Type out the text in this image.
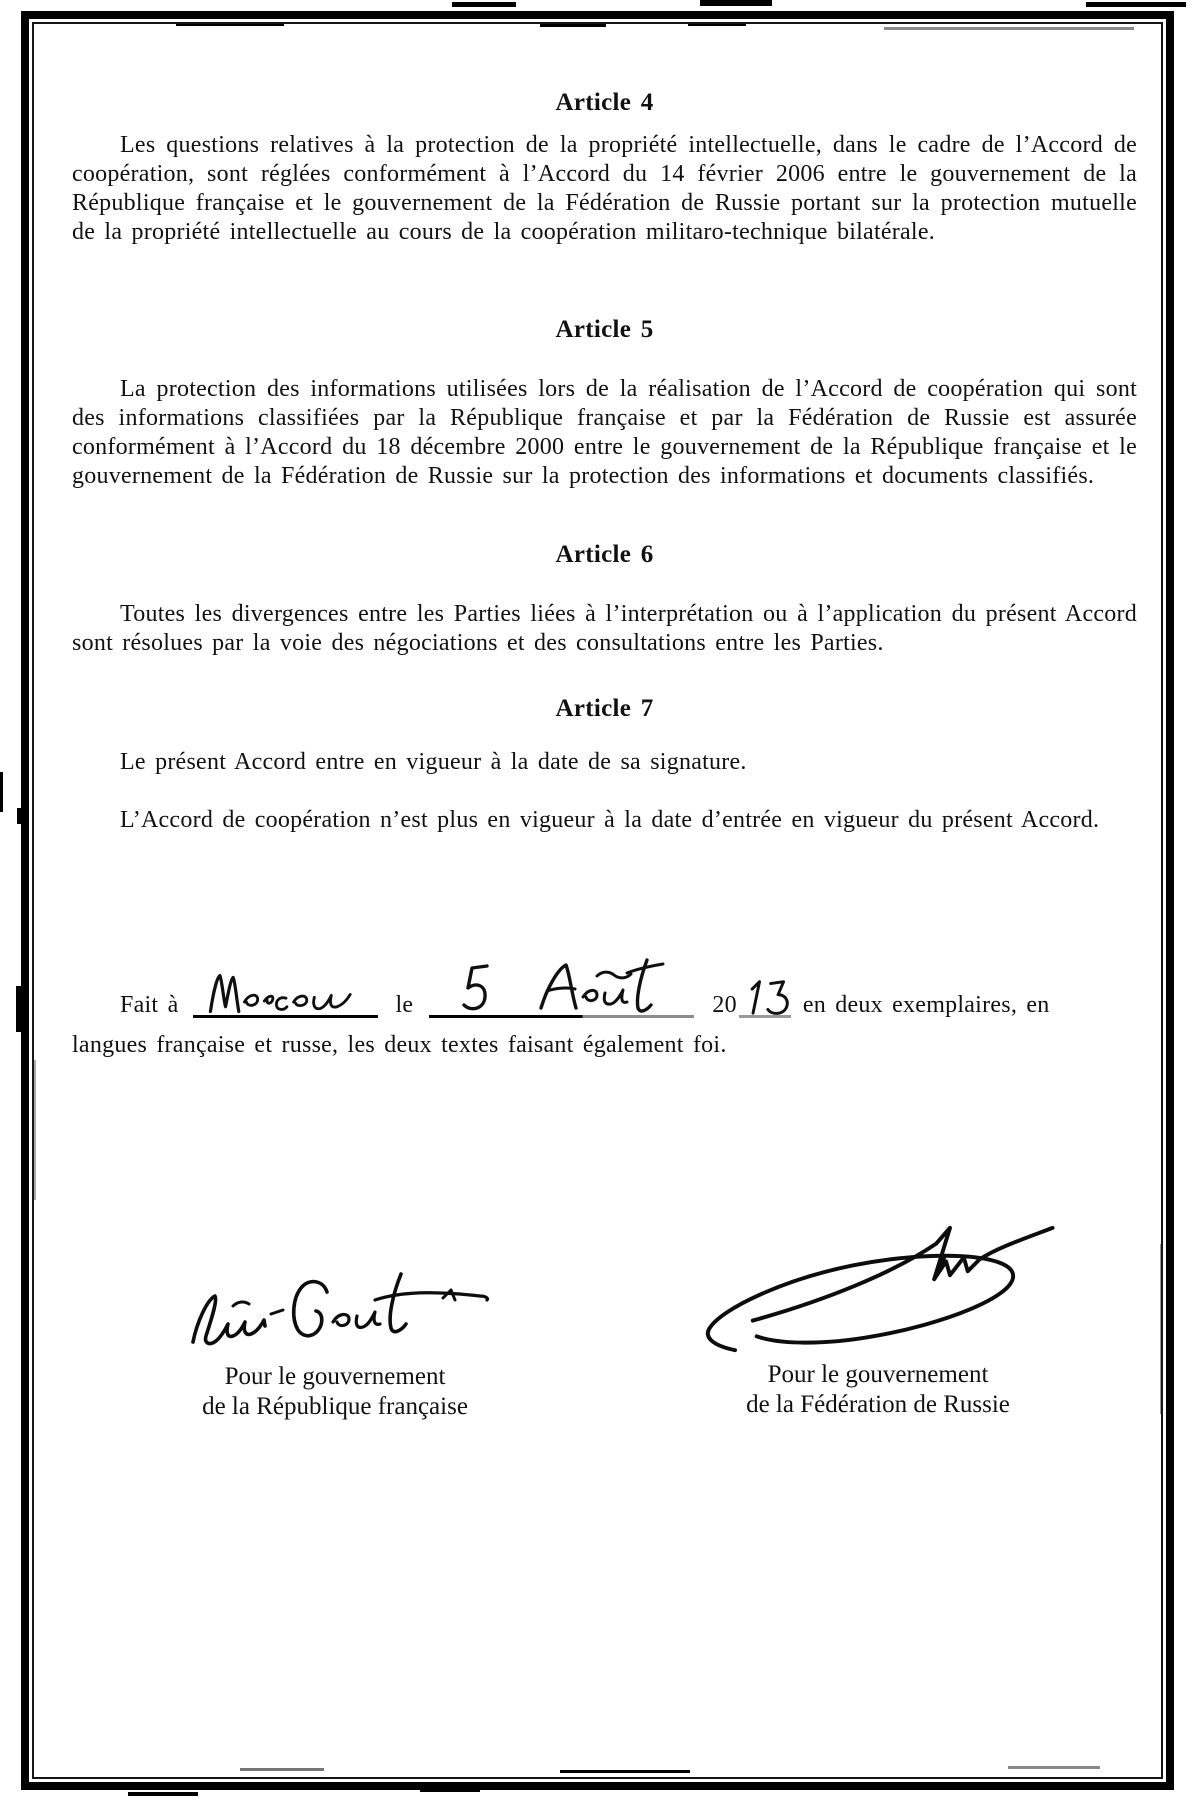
Article 4

Les questions relatives à la protection de la propriété intellectuelle, dans le cadre de l’Accord de coopération, sont réglées conformément à l’Accord du 14 février 2006 entre le gouvernement de la République française et le gouvernement de la Fédération de Russie portant sur la protection mutuelle de la propriété intellectuelle au cours de la coopération militaro-technique bilatérale.

Article 5

La protection des informations utilisées lors de la réalisation de l’Accord de coopération qui sont des informations classifiées par la République française et par la Fédération de Russie est assurée conformément à l’Accord du 18 décembre 2000 entre le gouvernement de la République française et le gouvernement de la Fédération de Russie sur la protection des informations et documents classifiés.

Article 6

Toutes les divergences entre les Parties liées à l’interprétation ou à l’application du présent Accord sont résolues par la voie des négociations et des consultations entre les Parties.

Article 7

Le présent Accord entre en vigueur à la date de sa signature.

L’Accord de coopération n’est plus en vigueur à la date d’entrée en vigueur du présent Accord.

Fait à	le	20	en deux exemplaires, en
langues française et russe, les deux textes faisant également foi.
Pour le gouvernement
de la République française
Pour le gouvernement
de la Fédération de Russie
